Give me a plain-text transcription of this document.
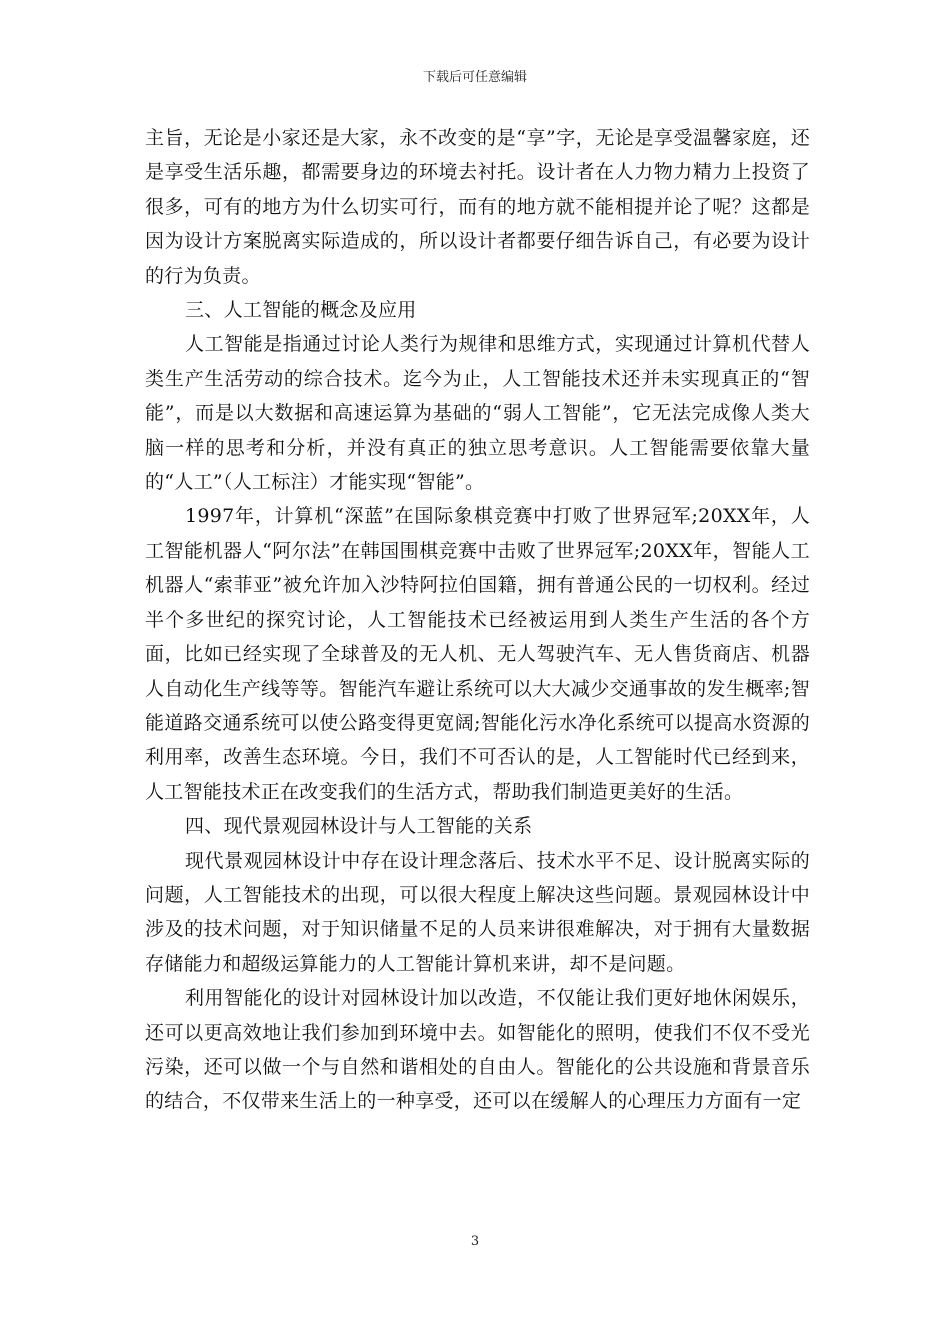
下载后可任意编辑

主旨，无论是小家还是大家，永不改变的是“享”字，无论是享受温馨家庭，还是享受生活乐趣，都需要身边的环境去衬托。设计者在人力物力精力上投资了很多，可有的地方为什么切实可行，而有的地方就不能相提并论了呢？这都是因为设计方案脱离实际造成的，所以设计者都要仔细告诉自己，有必要为设计的行为负责。

三、人工智能的概念及应用

人工智能是指通过讨论人类行为规律和思维方式，实现通过计算机代替人类生产生活劳动的综合技术。迄今为止，人工智能技术还并未实现真正的“智能”，而是以大数据和高速运算为基础的“弱人工智能”，它无法完成像人类大脑一样的思考和分析，并没有真正的独立思考意识。人工智能需要依靠大量的“人工”（人工标注）才能实现“智能”。

1997年，计算机“深蓝”在国际象棋竞赛中打败了世界冠军;20XX年，人工智能机器人“阿尔法”在韩国围棋竞赛中击败了世界冠军;20XX年，智能人工机器人“索菲亚”被允许加入沙特阿拉伯国籍，拥有普通公民的一切权利。经过半个多世纪的探究讨论，人工智能技术已经被运用到人类生产生活的各个方面，比如已经实现了全球普及的无人机、无人驾驶汽车、无人售货商店、机器人自动化生产线等等。智能汽车避让系统可以大大减少交通事故的发生概率;智能道路交通系统可以使公路变得更宽阔;智能化污水净化系统可以提高水资源的利用率，改善生态环境。今日，我们不可否认的是，人工智能时代已经到来，人工智能技术正在改变我们的生活方式，帮助我们制造更美好的生活。

四、现代景观园林设计与人工智能的关系

现代景观园林设计中存在设计理念落后、技术水平不足、设计脱离实际的问题，人工智能技术的出现，可以很大程度上解决这些问题。景观园林设计中涉及的技术问题，对于知识储量不足的人员来讲很难解决，对于拥有大量数据存储能力和超级运算能力的人工智能计算机来讲，却不是问题。

利用智能化的设计对园林设计加以改造，不仅能让我们更好地休闲娱乐，还可以更高效地让我们参加到环境中去。如智能化的照明，使我们不仅不受光污染，还可以做一个与自然和谐相处的自由人。智能化的公共设施和背景音乐的结合，不仅带来生活上的一种享受，还可以在缓解人的心理压力方面有一定

3
